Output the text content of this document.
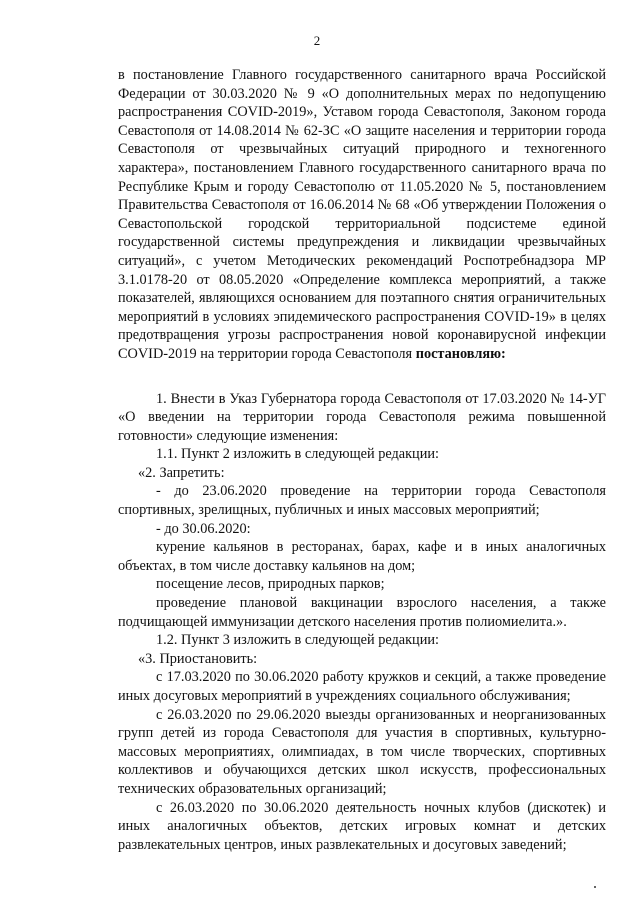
2

в постановление Главного государственного санитарного врача Российской Федерации от 30.03.2020 № 9 «О дополнительных мерах по недопущению распространения COVID-2019», Уставом города Севастополя, Законом города Севастополя от 14.08.2014 № 62-ЗС «О защите населения и территории города Севастополя от чрезвычайных ситуаций природного и техногенного характера», постановлением Главного государственного санитарного врача по Республике Крым и городу Севастополю от 11.05.2020 № 5, постановлением Правительства Севастополя от 16.06.2014 № 68 «Об утверждении Положения о Севастопольской городской территориальной подсистеме единой государственной системы предупреждения и ликвидации чрезвычайных ситуаций», с учетом Методических рекомендаций Роспотребнадзора МР 3.1.0178-20 от 08.05.2020 «Определение комплекса мероприятий, а также показателей, являющихся основанием для поэтапного снятия ограничительных мероприятий в условиях эпидемического распространения COVID-19» в целях предотвращения угрозы распространения новой коронавирусной инфекции COVID-2019 на территории города Севастополя постановляю:

1. Внести в Указ Губернатора города Севастополя от 17.03.2020 № 14-УГ «О введении на территории города Севастополя режима повышенной готовности» следующие изменения:

1.1. Пункт 2 изложить в следующей редакции:

«2. Запретить:

- до 23.06.2020 проведение на территории города Севастополя спортивных, зрелищных, публичных и иных массовых мероприятий;

- до 30.06.2020:

курение кальянов в ресторанах, барах, кафе и в иных аналогичных объектах, в том числе доставку кальянов на дом;

посещение лесов, природных парков;

проведение плановой вакцинации взрослого населения, а также подчищающей иммунизации детского населения против полиомиелита.».

1.2. Пункт 3 изложить в следующей редакции:

«3. Приостановить:

с 17.03.2020 по 30.06.2020 работу кружков и секций, а также проведение иных досуговых мероприятий в учреждениях социального обслуживания;

с 26.03.2020 по 29.06.2020 выезды организованных и неорганизованных групп детей из города Севастополя для участия в спортивных, культурно-массовых мероприятиях, олимпиадах, в том числе творческих, спортивных коллективов и обучающихся детских школ искусств, профессиональных технических образовательных организаций;

с 26.03.2020 по 30.06.2020 деятельность ночных клубов (дискотек) и иных аналогичных объектов, детских игровых комнат и детских развлекательных центров, иных развлекательных и досуговых заведений;
